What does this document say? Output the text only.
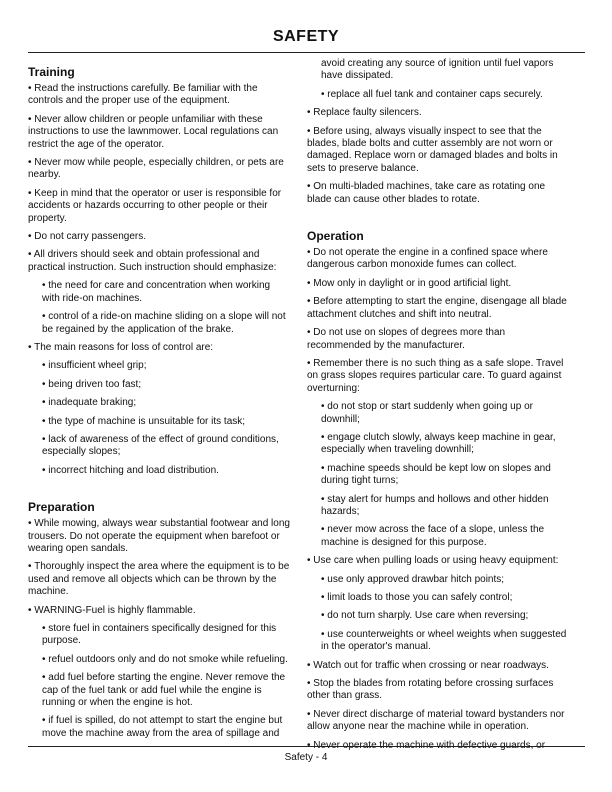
SAFETY
Training
• Read the instructions carefully. Be familiar with the controls and the proper use of the equipment.
• Never allow children or people unfamiliar with these instructions to use the lawnmower. Local regulations can restrict the age of the operator.
• Never mow while people, especially children, or pets are nearby.
• Keep in mind that the operator or user is responsible for accidents or hazards occurring to other people or their property.
• Do not carry passengers.
• All drivers should seek and obtain professional and practical instruction. Such instruction should emphasize:
• the need for care and concentration when working with ride-on machines.
• control of a ride-on machine sliding on a slope will not be regained by the application of the brake.
• The main reasons for loss of control are:
• insufficient wheel grip;
• being driven too fast;
• inadequate braking;
• the type of machine is unsuitable for its task;
• lack of awareness of the effect of ground conditions, especially slopes;
• incorrect hitching and load distribution.
Preparation
• While mowing, always wear substantial footwear and long trousers. Do not operate the equipment when barefoot or wearing open sandals.
• Thoroughly inspect the area where the equipment is to be used and remove all objects which can be thrown by the machine.
• WARNING-Fuel is highly flammable.
• store fuel in containers specifically designed for this purpose.
• refuel outdoors only and do not smoke while refueling.
• add fuel before starting the engine. Never remove the cap of the fuel tank or add fuel while the engine is running or when the engine is hot.
• if fuel is spilled, do not attempt to start the engine but move the machine away from the area of spillage and
avoid creating any source of ignition until fuel vapors have dissipated.
• replace all fuel tank and container caps securely.
• Replace faulty silencers.
• Before using, always visually inspect to see that the blades, blade bolts and cutter assembly are not worn or damaged. Replace worn or damaged blades and bolts in sets to preserve balance.
• On multi-bladed machines, take care as rotating one blade can cause other blades to rotate.
Operation
• Do not operate the engine in a confined space where dangerous carbon monoxide fumes can collect.
• Mow only in daylight or in good artificial light.
• Before attempting to start the engine, disengage all blade attachment clutches and shift into neutral.
• Do not use on slopes of degrees more than recommended by the manufacturer.
• Remember there is no such thing as a safe slope. Travel on grass slopes requires particular care. To guard against overturning:
• do not stop or start suddenly when going up or downhill;
• engage clutch slowly, always keep machine in gear, especially when traveling downhill;
• machine speeds should be kept low on slopes and during tight turns;
• stay alert for humps and hollows and other hidden hazards;
• never mow across the face of a slope, unless the machine is designed for this purpose.
• Use care when pulling loads or using heavy equipment:
• use only approved drawbar hitch points;
• limit loads to those you can safely control;
• do not turn sharply. Use care when reversing;
• use counterweights or wheel weights when suggested in the operator's manual.
• Watch out for traffic when crossing or near roadways.
• Stop the blades from rotating before crossing surfaces other than grass.
• Never direct discharge of material toward bystanders nor allow anyone near the machine while in operation.
• Never operate the machine with defective guards, or
Safety - 4
